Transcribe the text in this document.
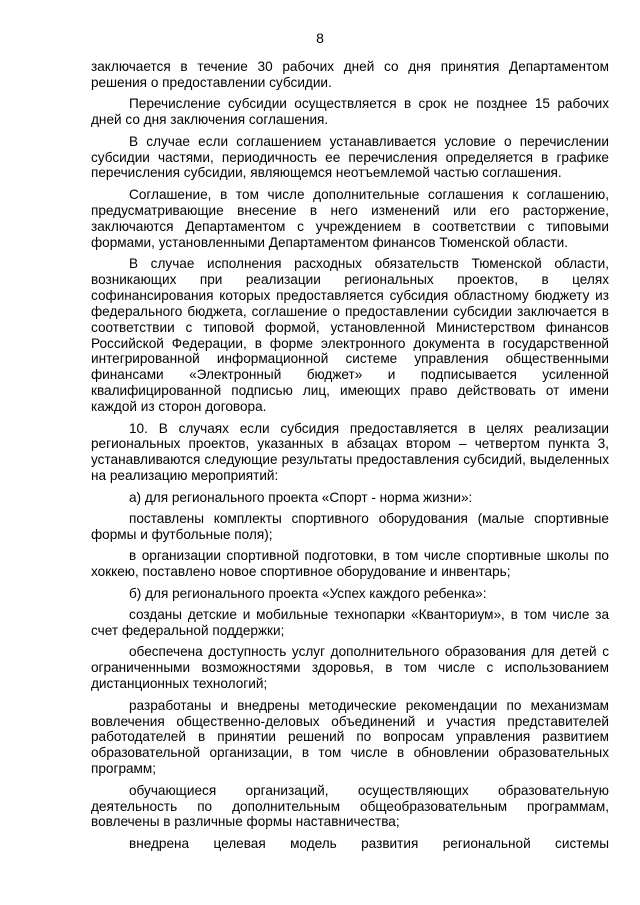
8

заключается в течение 30 рабочих дней со дня принятия Департаментом решения о предоставлении субсидии.

Перечисление субсидии осуществляется в срок не позднее 15 рабочих дней со дня заключения соглашения.

В случае если соглашением устанавливается условие о перечислении субсидии частями, периодичность ее перечисления определяется в графике перечисления субсидии, являющемся неотъемлемой частью соглашения.

Соглашение, в том числе дополнительные соглашения к соглашению, предусматривающие внесение в него изменений или его расторжение, заключаются Департаментом с учреждением в соответствии с типовыми формами, установленными Департаментом финансов Тюменской области.

В случае исполнения расходных обязательств Тюменской области, возникающих при реализации региональных проектов, в целях софинансирования которых предоставляется субсидия областному бюджету из федерального бюджета, соглашение о предоставлении субсидии заключается в соответствии с типовой формой, установленной Министерством финансов Российской Федерации, в форме электронного документа в государственной интегрированной информационной системе управления общественными финансами «Электронный бюджет» и подписывается усиленной квалифицированной подписью лиц, имеющих право действовать от имени каждой из сторон договора.

10. В случаях если субсидия предоставляется в целях реализации региональных проектов, указанных в абзацах втором – четвертом пункта 3, устанавливаются следующие результаты предоставления субсидий, выделенных на реализацию мероприятий:

а) для регионального проекта «Спорт - норма жизни»:

поставлены комплекты спортивного оборудования (малые спортивные формы и футбольные поля);

в организации спортивной подготовки, в том числе спортивные школы по хоккею, поставлено новое спортивное оборудование и инвентарь;

б) для регионального проекта «Успех каждого ребенка»:

созданы детские и мобильные технопарки «Кванториум», в том числе за счет федеральной поддержки;

обеспечена доступность услуг дополнительного образования для детей с ограниченными возможностями здоровья, в том числе с использованием дистанционных технологий;

разработаны и внедрены методические рекомендации по механизмам вовлечения общественно-деловых объединений и участия представителей работодателей в принятии решений по вопросам управления развитием образовательной организации, в том числе в обновлении образовательных программ;

обучающиеся организаций, осуществляющих образовательную деятельность по дополнительным общеобразовательным программам, вовлечены в различные формы наставничества;

внедрена целевая модель развития региональной системы
